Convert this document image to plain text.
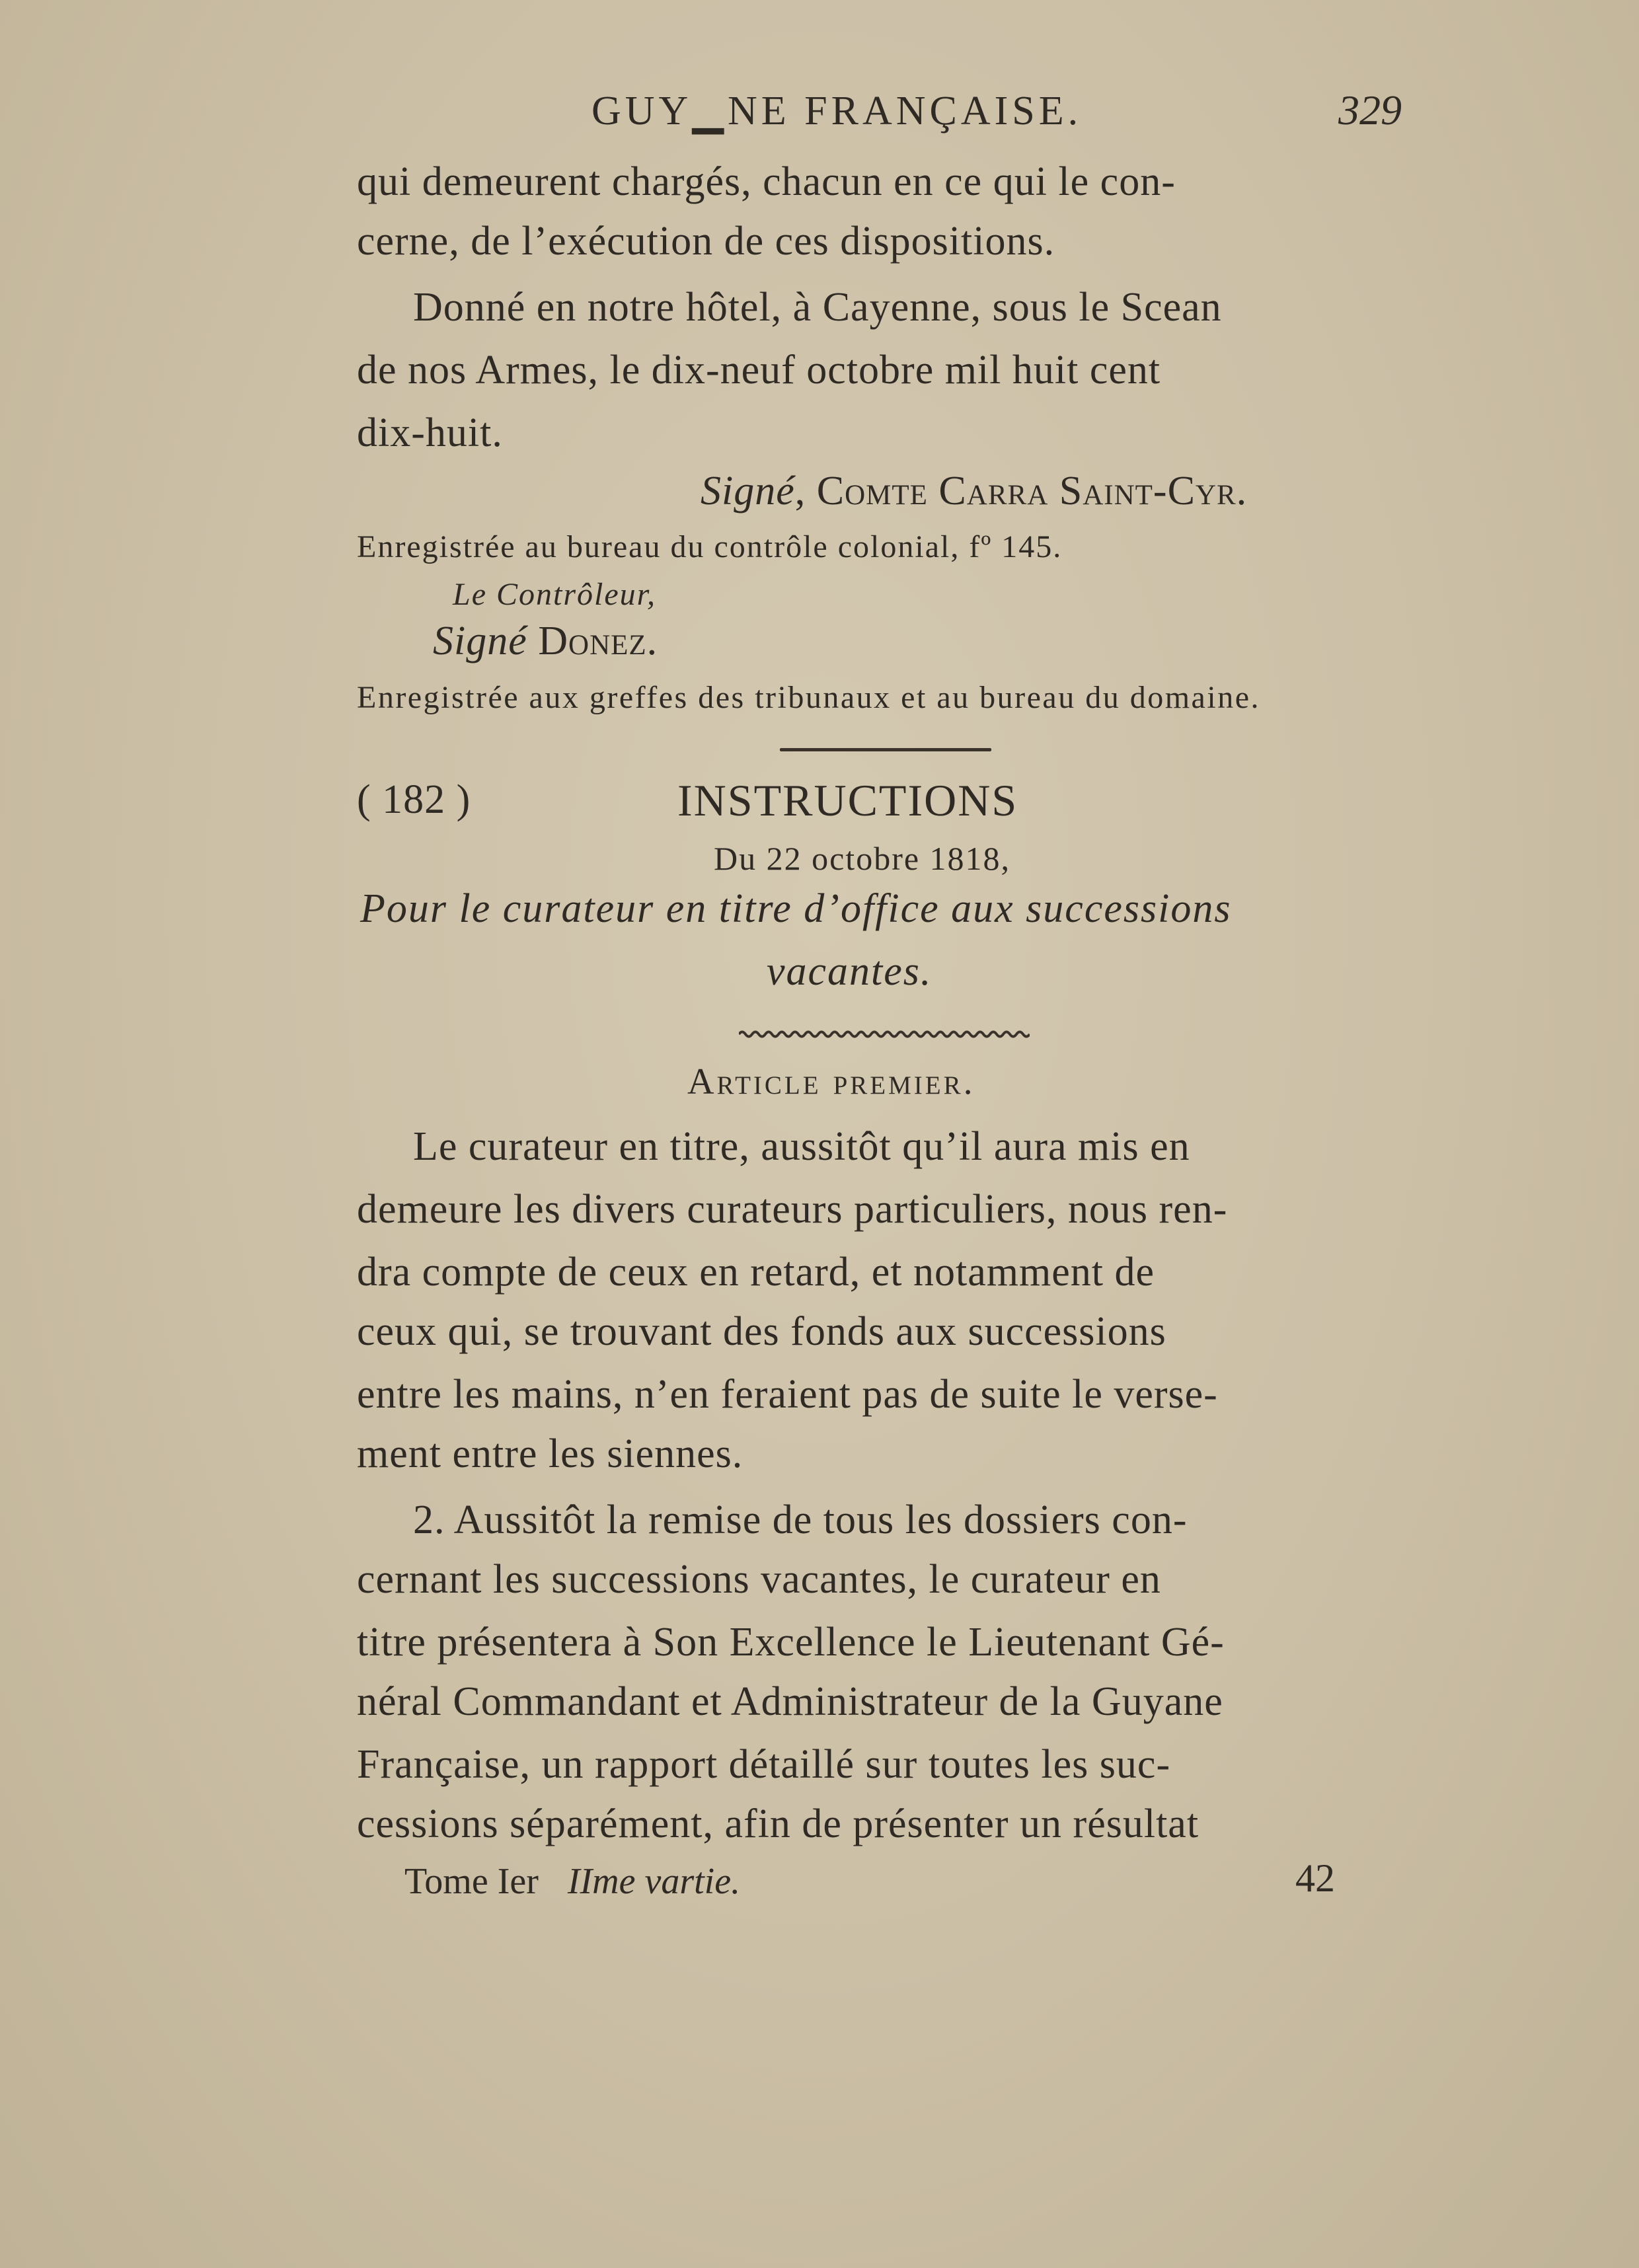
GUY▁NE FRANÇAISE.	329
qui demeurent chargés, chacun en ce qui le con-
cerne, de l’exécution de ces dispositions.
Donné en notre hôtel, à Cayenne, sous le Scean
de nos Armes, le dix-neuf octobre mil huit cent
dix-huit.
Signé, Comte Carra Saint-Cyr.
Enregistrée au bureau du contrôle colonial, fº 145.
Le Contrôleur,
Signé Donez.
Enregistrée aux greffes des tribunaux et au bureau du domaine.
( 182 )	INSTRUCTIONS
Du 22 octobre 1818,
Pour le curateur en titre d’office aux successions
vacantes.
Article premier.
Le curateur en titre, aussitôt qu’il aura mis en
demeure les divers curateurs particuliers, nous ren-
dra compte de ceux en retard, et notamment de
ceux qui, se trouvant des fonds aux successions
entre les mains, n’en feraient pas de suite le verse-
ment entre les siennes.
2. Aussitôt la remise de tous les dossiers con-
cernant les successions vacantes, le curateur en
titre présentera à Son Excellence le Lieutenant Gé-
néral Commandant et Administrateur de la Guyane
Française, un rapport détaillé sur toutes les suc-
cessions séparément, afin de présenter un résultat
Tome Ier IIme vartie.	42
